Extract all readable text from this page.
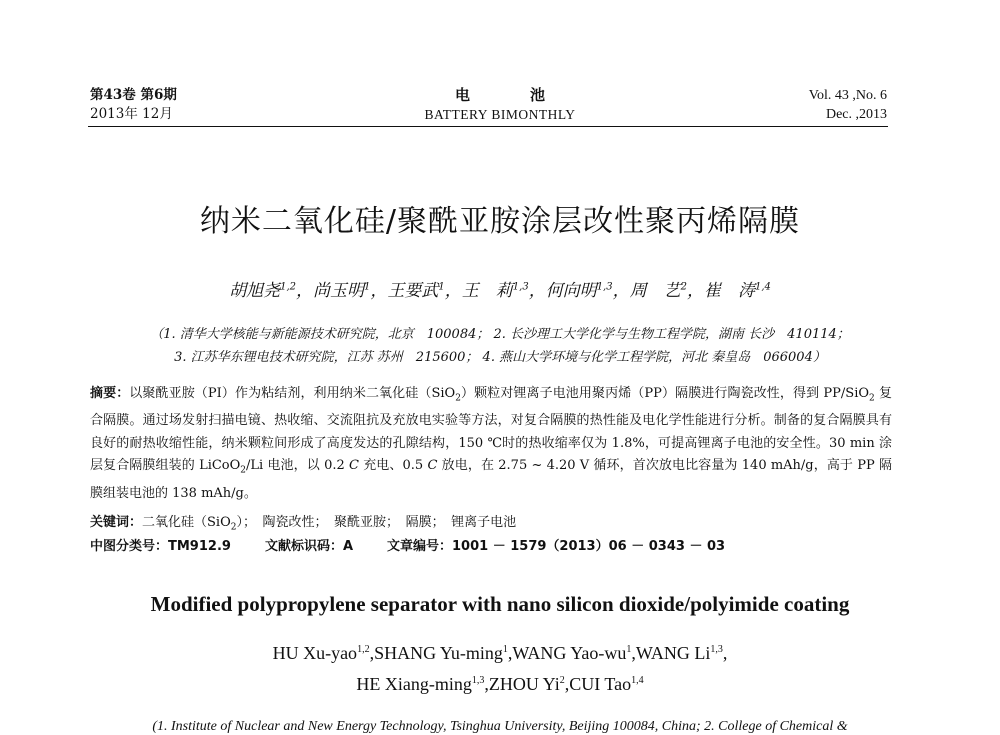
第43卷 第6期
2013年 12月
电池
BATTERY BIMONTHLY
Vol. 43 ,No. 6
Dec. ,2013
纳米二氧化硅/聚酰亚胺涂层改性聚丙烯隔膜
胡旭尧$^{1,2}$，尚玉明$^1$，王要武$^1$，王　莉$^{1,3}$，何向明$^{1,3}$，周　艺$^2$，崔　涛$^{1,4}$
（1. 清华大学核能与新能源技术研究院，北京　100084； 2. 长沙理工大学化学与生物工程学院，湖南 长沙　410114；
3. 江苏华东锂电技术研究院，江苏 苏州　215600； 4. 燕山大学环境与化学工程学院，河北 秦皇岛　066004）
摘要：以聚酰亚胺（PI）作为粘结剂，利用纳米二氧化硅（SiO$_2$）颗粒对锂离子电池用聚丙烯（PP）隔膜进行陶瓷改性，得到 PP/SiO$_2$ 复合隔膜。通过场发射扫描电镜、热收缩、交流阻抗及充放电实验等方法，对复合隔膜的热性能及电化学性能进行分析。制备的复合隔膜具有良好的耐热收缩性能，纳米颗粒间形成了高度发达的孔隙结构，150 ℃时的热收缩率仅为 1.8%，可提高锂离子电池的安全性。30 min 涂层复合隔膜组装的 LiCoO$_2$/Li 电池，以 0.2 C 充电、0.5 C 放电，在 2.75 ~ 4.20 V 循环，首次放电比容量为 140 mAh/g，高于 PP 隔膜组装电池的 138 mAh/g。
关键词：二氧化硅（SiO$_2$）；　 陶瓷改性；　 聚酰亚胺；　 隔膜；　 锂离子电池
中图分类号：TM912.9	文献标识码：A	文章编号：1001 － 1579（2013）06 － 0343 － 03
Modified polypropylene separator with nano silicon dioxide/polyimide coating
HU Xu-yao$^{1,2}$,SHANG Yu-ming$^1$,WANG Yao-$wu^1,WANG$ Li$^{1,3}$,
HE Xiang-ming$^{1,3}$,ZHOU Yi$^2$,CUI Tao$^{1,4}$
(1. Institute of Nuclear and New Energy Technology, Tsinghua University, Beijing 100084, China; 2. College of Chemical &
